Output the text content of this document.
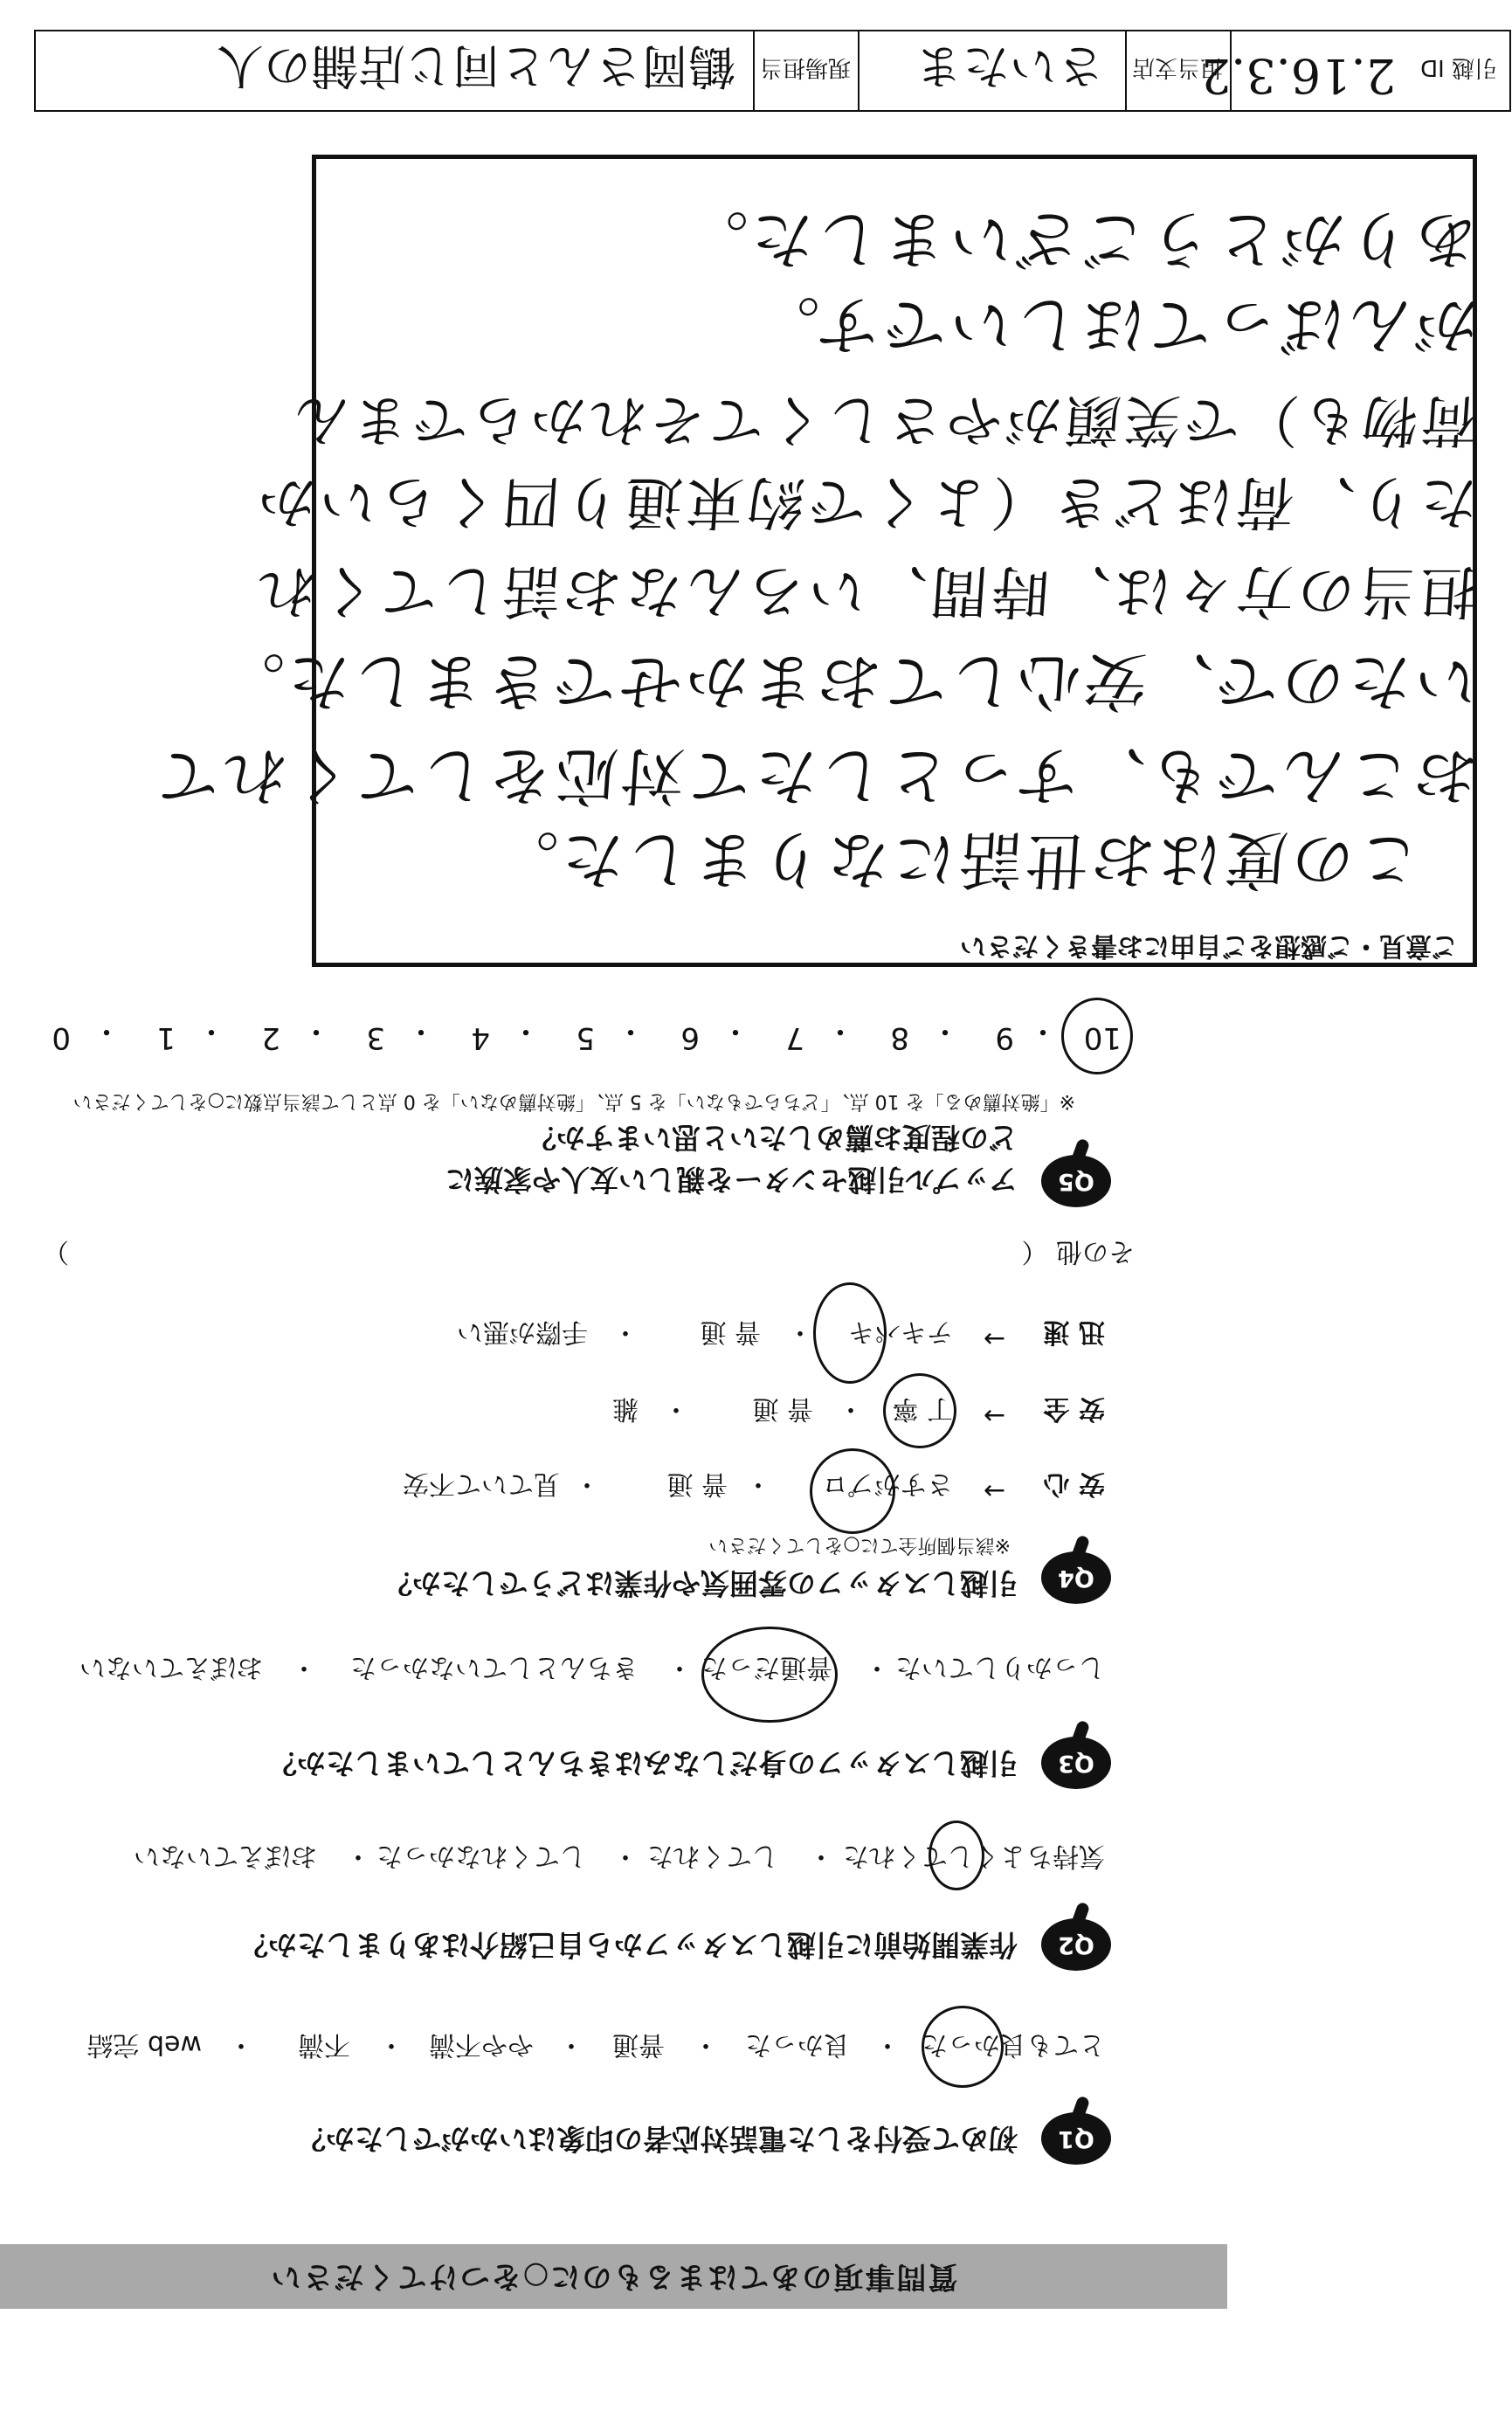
質問事項のあてはまるものに○をつけてください
Q1
初めて受付をした電話対応者の印象はいかがでしたか？
とても良かった
・
良かった
・
普通
・
やや不満
・
不満
・
web 完結
Q2
作業開始前に引越しスタッフから自己紹介はありましたか？
気持ちよくしてくれた
・
してくれた
・
してくれなかった
・
おぼえていない
Q3
引越しスタッフの身だしなみはきちんとしていましたか？
しっかりしていた
・
普通だった
・
きちんとしていなかった
・
おぼえていない
Q4
引越しスタッフの雰囲気や作業はどうでしたか？
※該当個所全てに○をしてください
安 心
→
さすがプロ
・
普 通
・
見ていて不安
安 全
→
丁 寧
・
普 通
・
雑
迅 速
→
テキパキ
・
普 通
・
手際が悪い
その他 （
）
Q5
アップル引越センターを親しい友人や家族に
どの程度お薦めしたいと思いますか？
※「絶対薦める」を 10 点、「どちらでもない」を 5 点、「絶対薦めない」を 0 点として該当点数に○をしてください
10
・
9
・
8
・
7
・
6
・
5
・
4
・
3
・
2
・
1
・
0
ご意見・ご感想をご自由にお書きください
この度はお世話になりました。
おこんでも、すっとしたて対応をしてくれて
いたので、安心しておまかせできました。
担当の方々は、時間、いろんなお話してくれ
たり、荷ほどき（よくで約束通り四くらいか
荷物も）で笑顔がやさしくてそれからでまん
がんばってほしいです。
ありがとうございました。
引越 ID
2.16.3.2
担当支店
さいたま
現場担当
鶴岡さんと同じ店舗の人
